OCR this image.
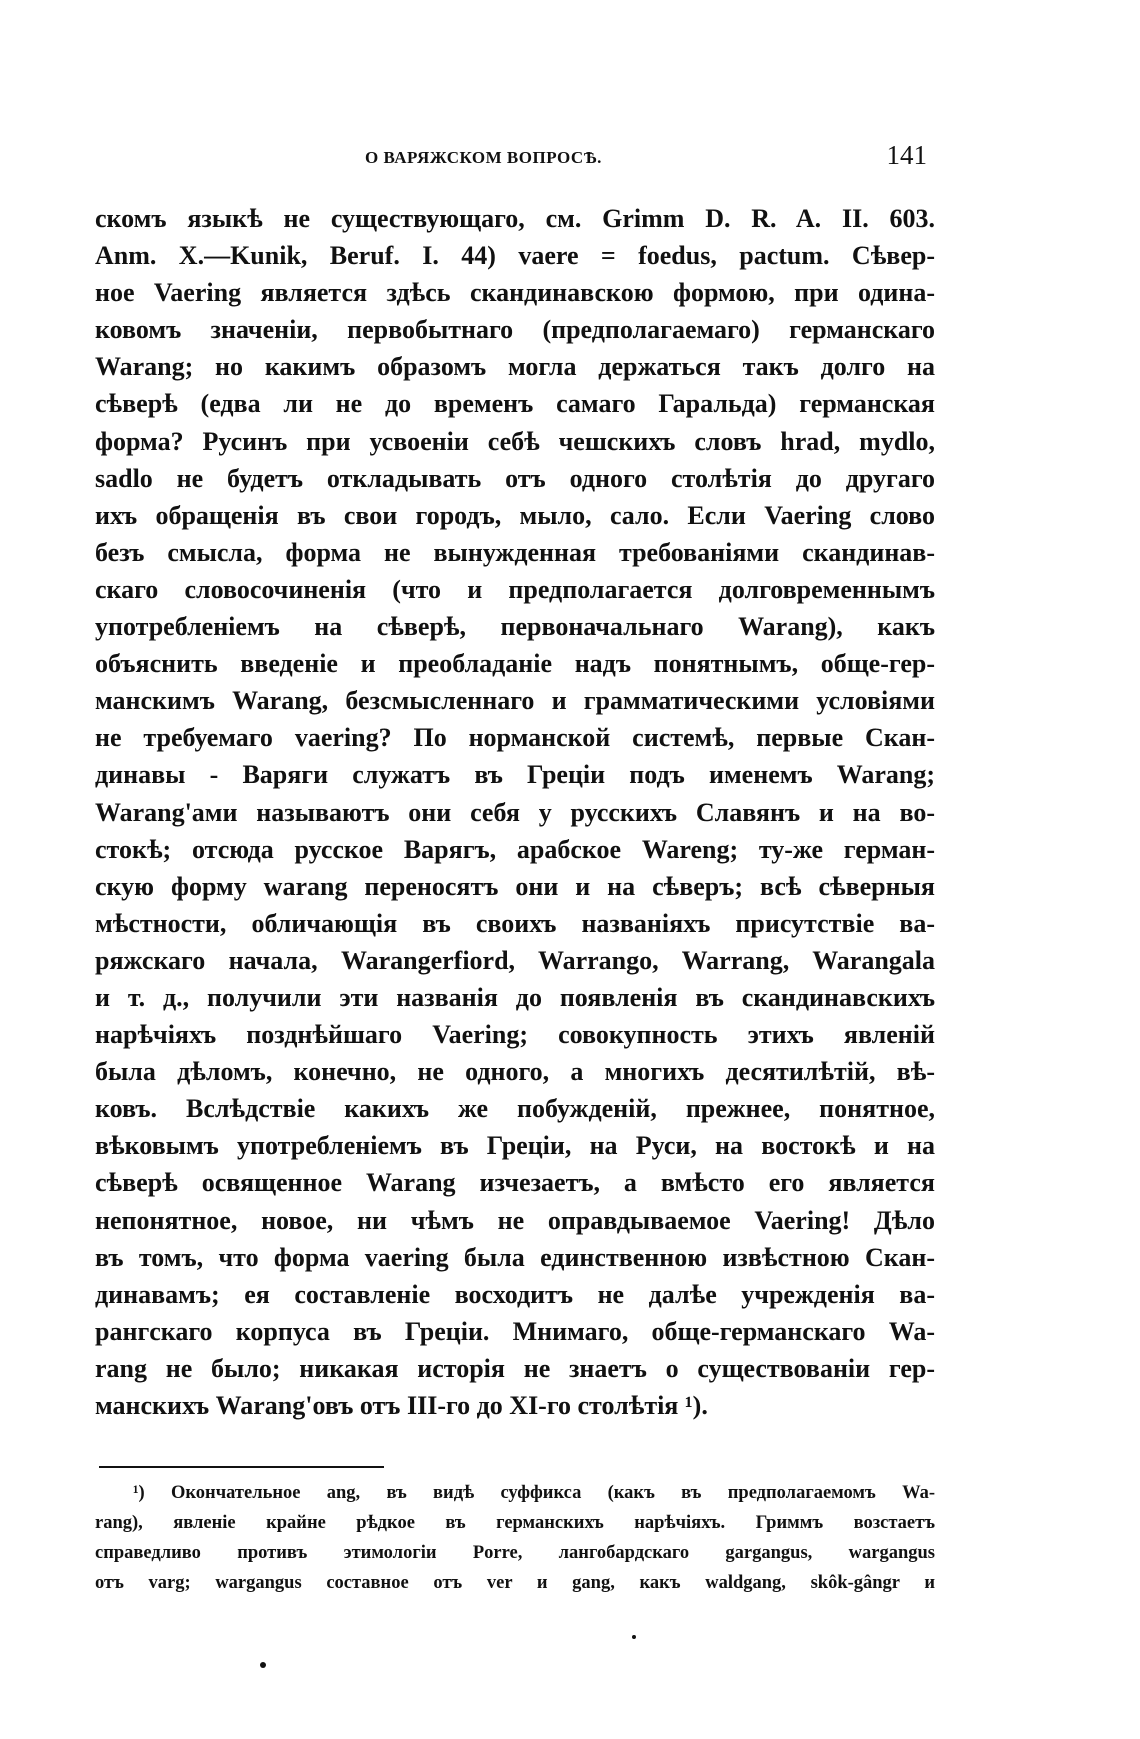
О ВАРЯЖСКОМ ВОПРОСѢ.	141
скомъ языкѣ не существующаго, см. Grimm D. R. A. II. 603.
Anm. X.—Kunik, Beruf. I. 44) vaere = foedus, pactum. Сѣвер-
ное Vaering является здѣсь скандинавскою формою, при одина-
ковомъ значеніи, первобытнаго (предполагаемаго) германскаго
Warang; но какимъ образомъ могла держаться такъ долго на
сѣверѣ (едва ли не до временъ самаго Гаральда) германская
форма? Русинъ при усвоеніи себѣ чешскихъ словъ hrad, mydlo,
sadlo не будетъ откладывать отъ одного столѣтія до другаго
ихъ обращенія въ свои городъ, мыло, сало. Если Vaering слово
безъ смысла, форма не вынужденная требованіями скандинав-
скаго словосочиненія (что и предполагается долговременнымъ
употребленіемъ на сѣверѣ, первоначальнаго Warang), какъ
объяснить введеніе и преобладаніе надъ понятнымъ, обще-гер-
манскимъ Warang, безсмысленнаго и грамматическими условіями
не требуемаго vaering? По норманской системѣ, первые Скан-
динавы - Варяги служатъ въ Греціи подъ именемъ Warang;
Warang'ами называютъ они себя у русскихъ Славянъ и на во-
стокѣ; отсюда русское Варягъ, арабское Wareng; ту-же герман-
скую форму warang переносятъ они и на сѣверъ; всѣ сѣверныя
мѣстности, обличающія въ своихъ названіяхъ присутствіе ва-
ряжскаго начала, Warangerfiord, Warrango, Warrang, Warangala
и т. д., получили эти названія до появленія въ скандинавскихъ
нарѣчіяхъ позднѣйшаго Vaering; совокупность этихъ явленій
была дѣломъ, конечно, не одного, а многихъ десятилѣтій, вѣ-
ковъ. Вслѣдствіе какихъ же побужденій, прежнее, понятное,
вѣковымъ употребленіемъ въ Греціи, на Руси, на востокѣ и на
сѣверѣ освященное Warang изчезаетъ, а вмѣсто его является
непонятное, новое, ни чѣмъ не оправдываемое Vaering! Дѣло
въ томъ, что форма vaering была единственною извѣстною Скан-
динавамъ; ея составленіе восходитъ не далѣе учрежденія ва-
рангскаго корпуса въ Греціи. Мнимаго, обще-германскаго Wa-
rang не было; никакая исторія не знаетъ о существованіи гер-
манскихъ Warang'овъ отъ III-го до XI-го столѣтія ¹).
¹) Окончательное ang, въ видѣ суффикса (какъ въ предполагаемомъ Wa-
rang), явленіе крайне рѣдкое въ германскихъ нарѣчіяхъ. Гриммъ возстаетъ
справедливо противъ этимологіи Porre, лангобардскаго gargangus, wargangus
отъ varg; wargangus составное отъ ver и gang, какъ waldgang, skôk-gângr и
